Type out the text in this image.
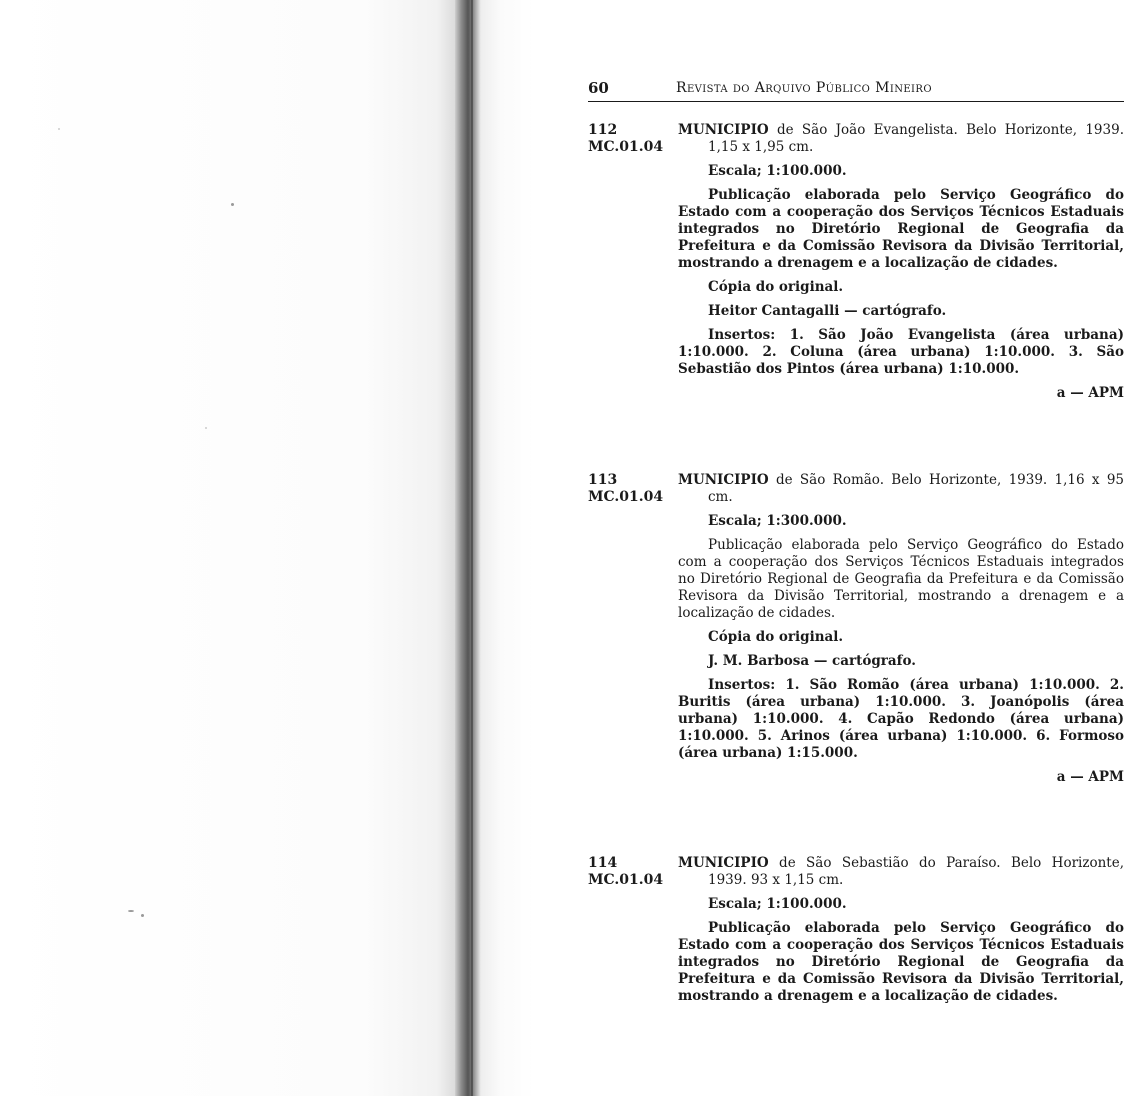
60	Revista do Arquivo Público Mineiro
112
MC.01.04

MUNICIPIO de São João Evangelista. Belo Horizonte, 1939. 1,15 x 1,95 cm.

Escala; 1:100.000.

Publicação elaborada pelo Serviço Geográfico do Estado com a cooperação dos Serviços Técnicos Estaduais integrados no Diretório Regional de Geografia da Prefeitura e da Comissão Revisora da Divisão Territorial, mostrando a drenagem e a localização de cidades.

Cópia do original.

Heitor Cantagalli — cartógrafo.

Insertos: 1. São João Evangelista (área urbana) 1:10.000. 2. Coluna (área urbana) 1:10.000. 3. São Sebastião dos Pintos (área urbana) 1:10.000.

a — APM

113
MC.01.04

MUNICIPIO de São Romão. Belo Horizonte, 1939. 1,16 x 95 cm.

Escala; 1:300.000.

Publicação elaborada pelo Serviço Geográfico do Estado com a cooperação dos Serviços Técnicos Estaduais integrados no Diretório Regional de Geografia da Prefeitura e da Comissão Revisora da Divisão Territorial, mostrando a drenagem e a localização de cidades.

Cópia do original.

J. M. Barbosa — cartógrafo.

Insertos: 1. São Romão (área urbana) 1:10.000. 2. Buritis (área urbana) 1:10.000. 3. Joanópolis (área urbana) 1:10.000. 4. Capão Redondo (área urbana) 1:10.000. 5. Arinos (área urbana) 1:10.000. 6. Formoso (área urbana) 1:15.000.

a — APM

114
MC.01.04

MUNICIPIO de São Sebastião do Paraíso. Belo Horizonte, 1939. 93 x 1,15 cm.

Escala; 1:100.000.

Publicação elaborada pelo Serviço Geográfico do Estado com a cooperação dos Serviços Técnicos Estaduais integrados no Diretório Regional de Geografia da Prefeitura e da Comissão Revisora da Divisão Territorial, mostrando a drenagem e a localização de cidades.
